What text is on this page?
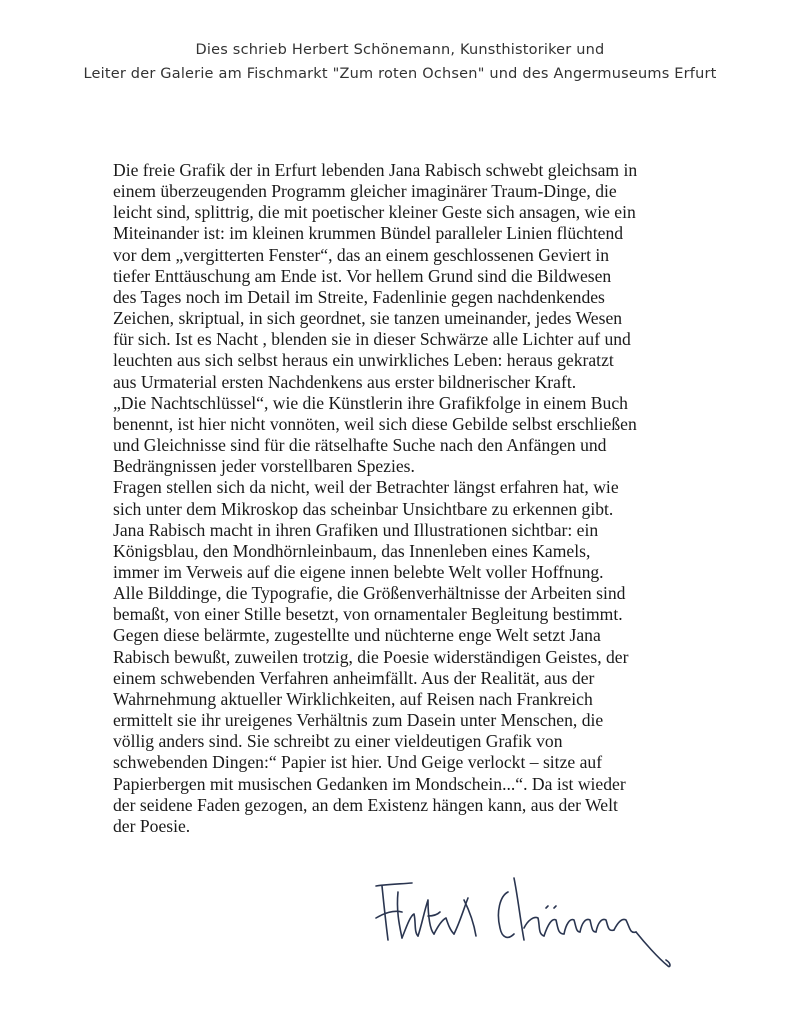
Dies schrieb Herbert Schönemann, Kunsthistoriker und
Leiter der Galerie am Fischmarkt "Zum roten Ochsen" und des Angermuseums Erfurt
Die freie Grafik der in Erfurt lebenden Jana Rabisch schwebt gleichsam in
einem überzeugenden Programm gleicher imaginärer Traum-Dinge, die
leicht sind, splittrig, die mit poetischer kleiner Geste sich ansagen, wie ein
Miteinander ist: im kleinen krummen Bündel paralleler Linien flüchtend
vor dem „vergitterten Fenster“, das an einem geschlossenen Geviert in
tiefer Enttäuschung am Ende ist. Vor hellem Grund sind die Bildwesen
des Tages noch im Detail im Streite, Fadenlinie gegen nachdenkendes
Zeichen, skriptual, in sich geordnet, sie tanzen umeinander, jedes Wesen
für sich. Ist es Nacht , blenden sie in dieser Schwärze alle Lichter auf und
leuchten aus sich selbst heraus ein unwirkliches Leben: heraus gekratzt
aus Urmaterial ersten Nachdenkens aus erster bildnerischer Kraft.
„Die Nachtschlüssel“, wie die Künstlerin ihre Grafikfolge in einem Buch
benennt, ist hier nicht vonnöten, weil sich diese Gebilde selbst erschließen
und Gleichnisse sind für die rätselhafte Suche nach den Anfängen und
Bedrängnissen jeder vorstellbaren Spezies.
Fragen stellen sich da nicht, weil der Betrachter längst erfahren hat, wie
sich unter dem Mikroskop das scheinbar Unsichtbare zu erkennen gibt.
Jana Rabisch macht in ihren Grafiken und Illustrationen sichtbar: ein
Königsblau, den Mondhörnleinbaum, das Innenleben eines Kamels,
immer im Verweis auf die eigene innen belebte Welt voller Hoffnung.
Alle Bilddinge, die Typografie, die Größenverhältnisse der Arbeiten sind
bemaßt, von einer Stille besetzt, von ornamentaler Begleitung bestimmt.
Gegen diese belärmte, zugestellte und nüchterne enge Welt setzt Jana
Rabisch bewußt, zuweilen trotzig, die Poesie widerständigen Geistes, der
einem schwebenden Verfahren anheimfällt. Aus der Realität, aus der
Wahrnehmung aktueller Wirklichkeiten, auf Reisen nach Frankreich
ermittelt sie ihr ureigenes Verhältnis zum Dasein unter Menschen, die
völlig anders sind. Sie schreibt zu einer vieldeutigen Grafik von
schwebenden Dingen:“ Papier ist hier. Und Geige verlockt – sitze auf
Papierbergen mit musischen Gedanken im Mondschein...“. Da ist wieder
der seidene Faden gezogen, an dem Existenz hängen kann, aus der Welt
der Poesie.
